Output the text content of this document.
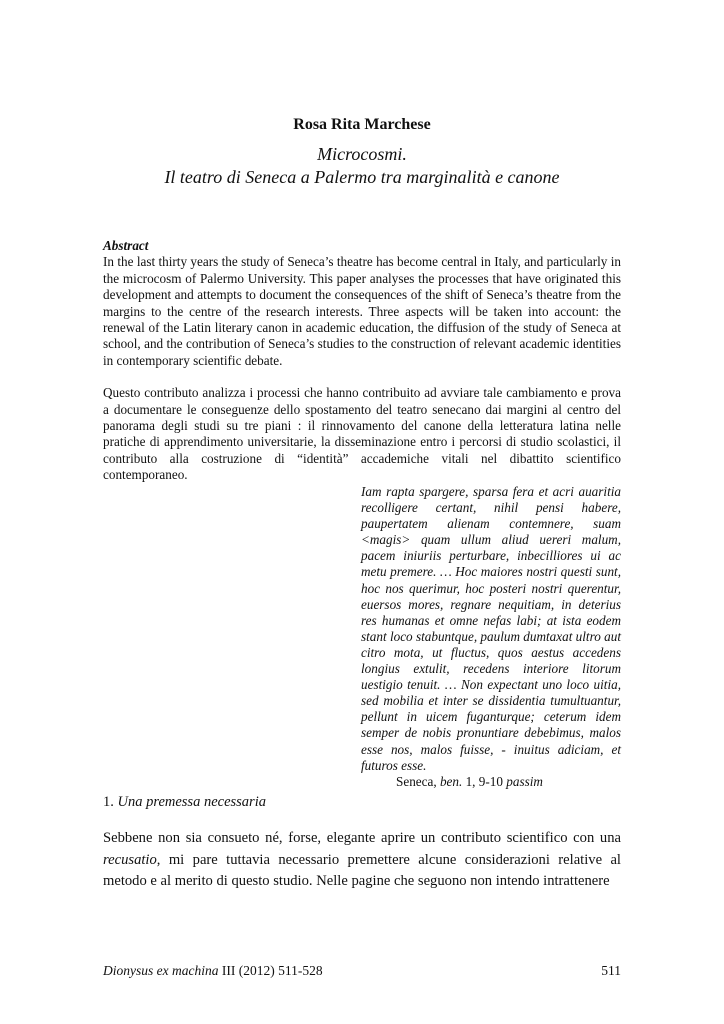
Rosa Rita Marchese
Microcosmi.
Il teatro di Seneca a Palermo tra marginalità e canone
Abstract

In the last thirty years the study of Seneca’s theatre has become central in Italy, and particularly in the microcosm of Palermo University. This paper analyses the processes that have originated this development and attempts to document the consequences of the shift of Seneca’s theatre from the margins to the centre of the research interests. Three aspects will be taken into account: the renewal of the Latin literary canon in academic education, the diffusion of the study of Seneca at school, and the contribution of Seneca’s studies to the construction of relevant academic identities in contemporary scientific debate.

Questo contributo analizza i processi che hanno contribuito ad avviare tale cambiamento e prova a documentare le conseguenze dello spostamento del teatro senecano dai margini al centro del panorama degli studi su tre piani : il rinnovamento del canone della letteratura latina nelle pratiche di apprendimento universitarie, la disseminazione entro i percorsi di studio scolastici, il contributo alla costruzione di “identità” accademiche vitali nel dibattito scientifico contemporaneo.

Iam rapta spargere, sparsa fera et acri auaritia recolligere certant, nihil pensi habere, paupertatem alienam contemnere, suam <magis> quam ullum aliud uereri malum, pacem iniuriis perturbare, inbecilliores ui ac metu premere. … Hoc maiores nostri questi sunt, hoc nos querimur, hoc posteri nostri querentur, euersos mores, regnare nequitiam, in deterius res humanas et omne nefas labi; at ista eodem stant loco stabuntque, paulum dumtaxat ultro aut citro mota, ut fluctus, quos aestus accedens longius extulit, recedens interiore litorum uestigio tenuit. … Non expectant uno loco uitia, sed mobilia et inter se dissidentia tumultuantur, pellunt in uicem fuganturque; ceterum idem semper de nobis pronuntiare debebimus, malos esse nos, malos fuisse, - inuitus adiciam, et futuros esse.

Seneca, ben. 1, 9-10 passim

1. Una premessa necessaria

Sebbene non sia consueto né, forse, elegante aprire un contributo scientifico con una recusatio, mi pare tuttavia necessario premettere alcune considerazioni relative al metodo e al merito di questo studio. Nelle pagine che seguono non intendo intrattenere

Dionysus ex machina III (2012) 511-528	511
